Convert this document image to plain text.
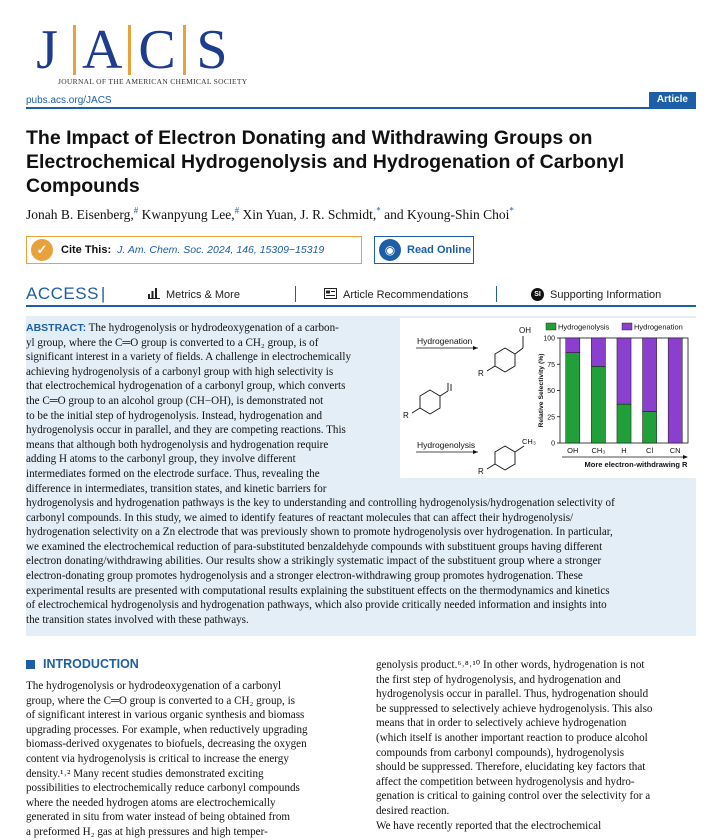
J A C S
JOURNAL OF THE AMERICAN CHEMICAL SOCIETY
pubs.acs.org/JACS	Article
The Impact of Electron Donating and Withdrawing Groups on Electrochemical Hydrogenolysis and Hydrogenation of Carbonyl Compounds
Jonah B. Eisenberg,# Kwanpyung Lee,# Xin Yuan, J. R. Schmidt,* and Kyoung-Shin Choi*
✓	Cite This: J. Am. Chem. Soc. 2024, 146, 15309−15319	◉	Read Online
ACCESS |	Metrics & More	Article Recommendations	SI Supporting Information
ABSTRACT: The hydrogenolysis or hydrodeoxygenation of a carbon-
yl group, where the C═O group is converted to a CH₂ group, is of
significant interest in a variety of fields. A challenge in electrochemically
achieving hydrogenolysis of a carbonyl group with high selectivity is
that electrochemical hydrogenation of a carbonyl group, which converts
the C═O group to an alcohol group (CH−OH), is demonstrated not
to be the initial step of hydrogenolysis. Instead, hydrogenation and
hydrogenolysis occur in parallel, and they are competing reactions. This
means that although both hydrogenolysis and hydrogenation require
adding H atoms to the carbonyl group, they involve different
intermediates formed on the electrode surface. Thus, revealing the
difference in intermediates, transition states, and kinetic barriers for
hydrogenolysis and hydrogenation pathways is the key to understanding and controlling hydrogenolysis/hydrogenation selectivity of
carbonyl compounds. In this study, we aimed to identify features of reactant molecules that can affect their hydrogenolysis/
hydrogenation selectivity on a Zn electrode that was previously shown to promote hydrogenolysis over hydrogenation. In particular,
we examined the electrochemical reduction of para-substituted benzaldehyde compounds with substituent groups having different
electron donating/withdrawing abilities. Our results show a strikingly systematic impact of the substituent group where a stronger
electron-donating group promotes hydrogenolysis and a stronger electron-withdrawing group promotes hydrogenation. These
experimental results are presented with computational results explaining the substituent effects on the thermodynamics and kinetics
of electrochemical hydrogenolysis and hydrogenation pathways, which also provide critically needed information and insights into
the transition states involved with these pathways.
Hydrogenation
Hydrogenolysis
R
OH
R
CH₃
R
0
25
50
75
100
Relative Selectivity (%)
OH CH₃ H	Cl CN
More electron-withdrawing R
Hydrogenolysis	Hydrogenation
INTRODUCTION
The hydrogenolysis or hydrodeoxygenation of a carbonyl
group, where the C═O group is converted to a CH₂ group, is
of significant interest in various organic synthesis and biomass
upgrading processes. For example, when reductively upgrading
biomass-derived oxygenates to biofuels, decreasing the oxygen
content via hydrogenolysis is critical to increase the energy
density.¹˒² Many recent studies demonstrated exciting
possibilities to electrochemically reduce carbonyl compounds
where the needed hydrogen atoms are electrochemically
generated in situ from water instead of being obtained from
a preformed H₂ gas at high pressures and high temper-
genolysis product.⁶˒⁸˒¹⁰ In other words, hydrogenation is not
the first step of hydrogenolysis, and hydrogenation and
hydrogenolysis occur in parallel. Thus, hydrogenation should
be suppressed to selectively achieve hydrogenolysis. This also
means that in order to selectively achieve hydrogenation
(which itself is another important reaction to produce alcohol
compounds from carbonyl compounds), hydrogenolysis
should be suppressed. Therefore, elucidating key factors that
affect the competition between hydrogenolysis and hydro-
genation is critical to gaining control over the selectivity for a
desired reaction.
We have recently reported that the electrochemical
